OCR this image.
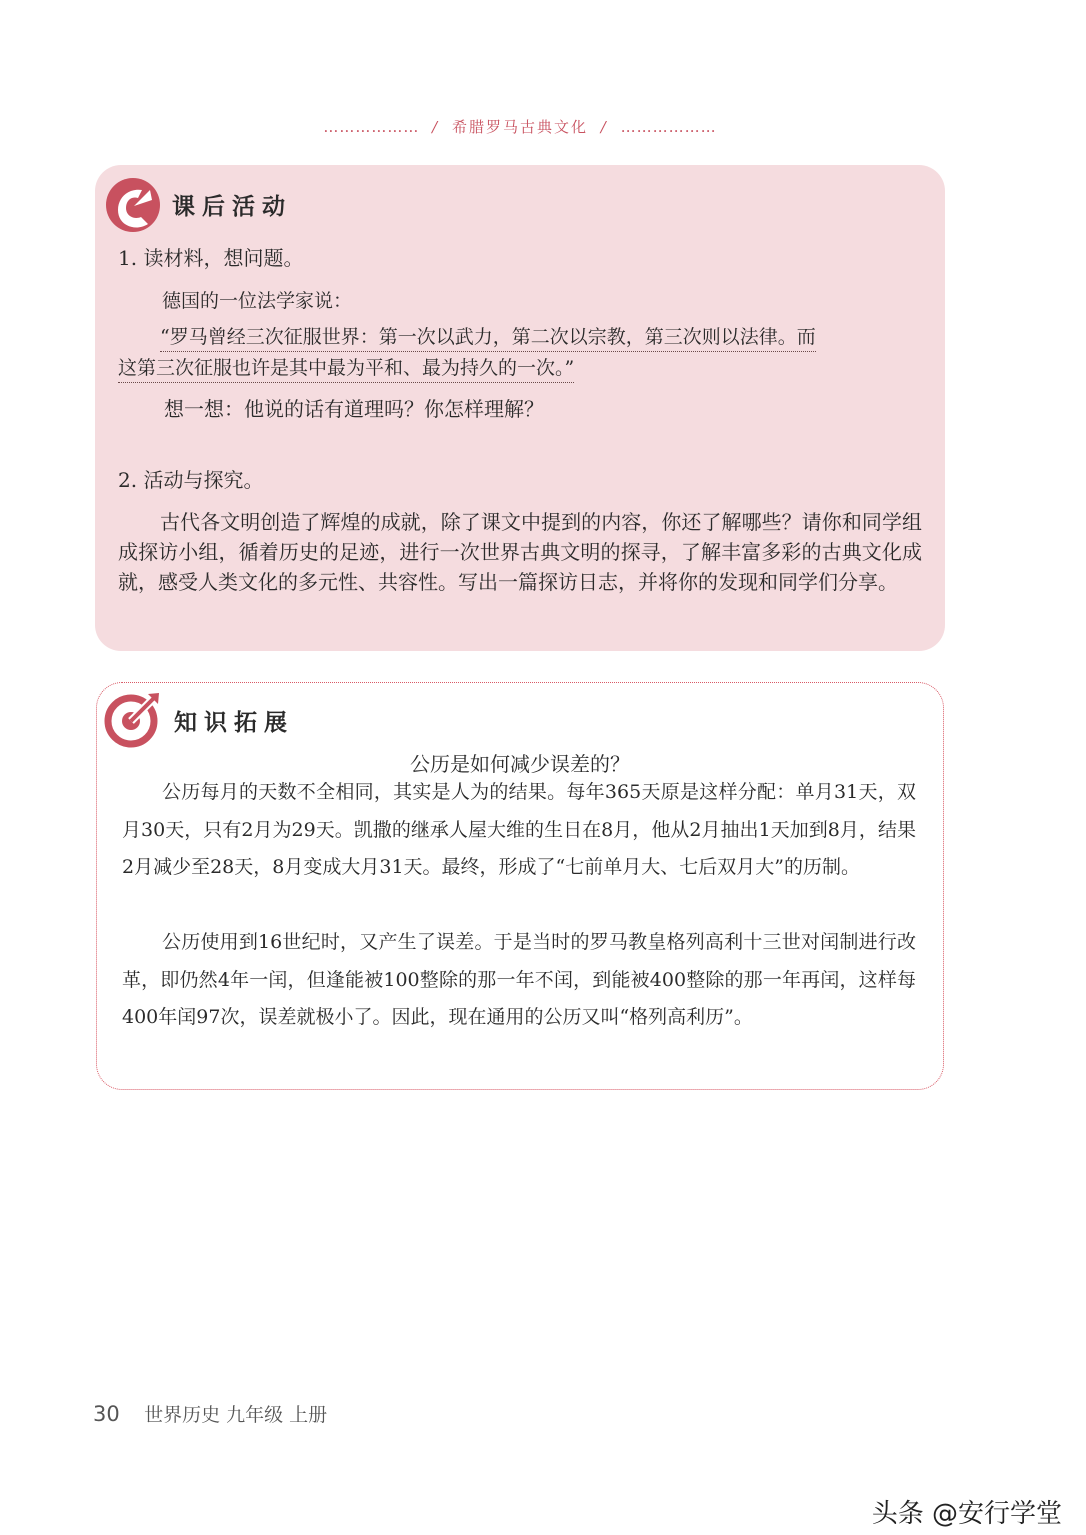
……………… / 希腊罗马古典文化 / ………………
课后活动
1. 读材料，想问题。
德国的一位法学家说：
“罗马曾经三次征服世界：第一次以武力，第二次以宗教，第三次则以法律。而
这第三次征服也许是其中最为平和、最为持久的一次。”
想一想：他说的话有道理吗？你怎样理解？
2. 活动与探究。
古代各文明创造了辉煌的成就，除了课文中提到的内容，你还了解哪些？请你和同学组成探访小组，循着历史的足迹，进行一次世界古典文明的探寻，了解丰富多彩的古典文化成就，感受人类文化的多元性、共容性。写出一篇探访日志，并将你的发现和同学们分享。
知识拓展
公历是如何减少误差的？
公历每月的天数不全相同，其实是人为的结果。每年365天原是这样分配：单月31天，双月30天，只有2月为29天。凯撒的继承人屋大维的生日在8月，他从2月抽出1天加到8月，结果2月减少至28天，8月变成大月31天。最终，形成了“七前单月大、七后双月大”的历制。
公历使用到16世纪时，又产生了误差。于是当时的罗马教皇格列高利十三世对闰制进行改革，即仍然4年一闰，但逢能被100整除的那一年不闰，到能被400整除的那一年再闰，这样每400年闰97次，误差就极小了。因此，现在通用的公历又叫“格列高利历”。
30 世界历史 九年级 上册
头条 @安行学堂
